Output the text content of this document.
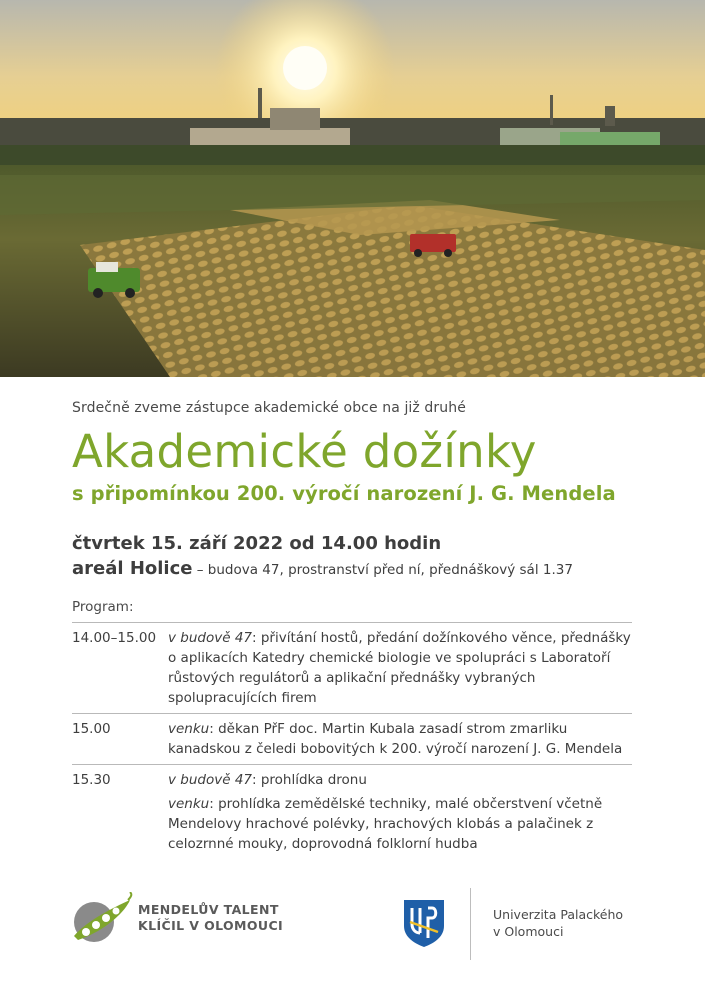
Srdečně zveme zástupce akademické obce na již druhé
Akademické dožínky
s připomínkou 200. výročí narození J. G. Mendela
čtvrtek 15. září 2022 od 14.00 hodin
areál Holice – budova 47, prostranství před ní, přednáškový sál 1.37
Program:
14.00–15.00 v budově 47: přivítání hostů, předání dožínkového věnce, přednášky o aplikacích Katedry chemické biologie ve spolupráci s Laboratoří růstových regulátorů a aplikační přednášky vybraných spolupracujících firem

15.00	venku: děkan PřF doc. Martin Kubala zasadí strom zmarliku kanadskou z čeledi bobovitých k 200. výročí narození J. G. Mendela

15.30	v budově 47: prohlídka dronu

venku: prohlídka zemědělské techniky, malé občerstvení včetně Mendelovy hrachové polévky, hrachových klobás a palačinek z celozrnné mouky, doprovodná folklorní hudba

MENDELŮV TALENT
KLÍČIL V OLOMOUCI
Univerzita Palackého
v Olomouci
